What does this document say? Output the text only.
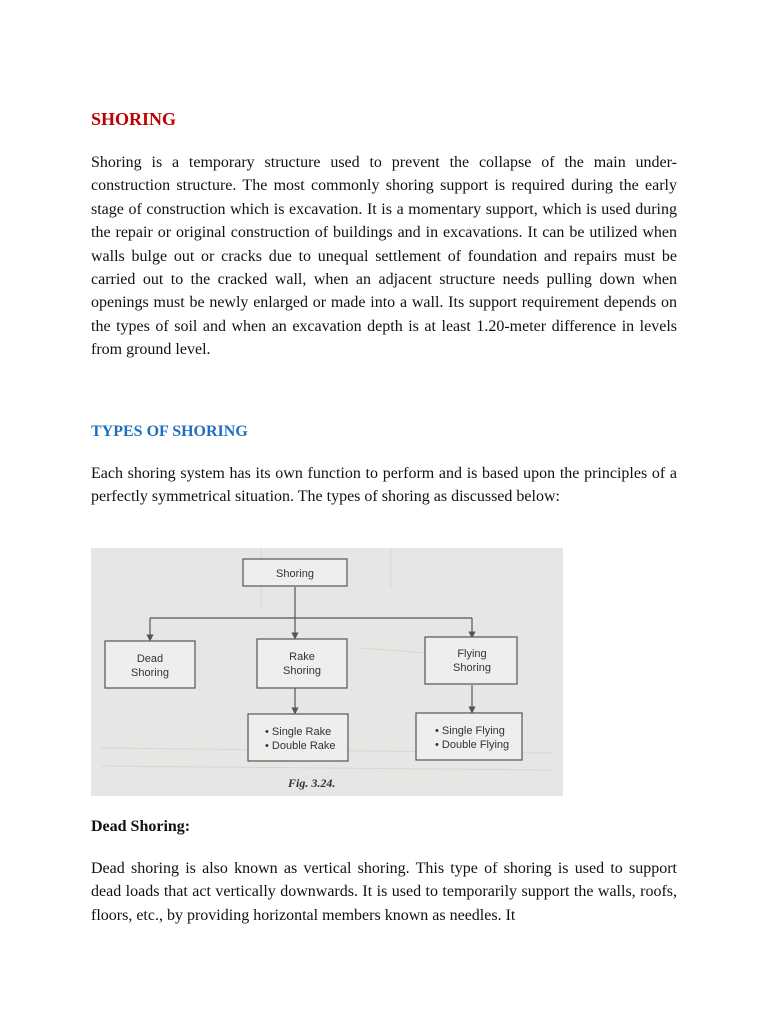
SHORING

Shoring is a temporary structure used to prevent the collapse of the main under-construction structure. The most commonly shoring support is required during the early stage of construction which is excavation. It is a momentary support, which is used during the repair or original construction of buildings and in excavations. It can be utilized when walls bulge out or cracks due to unequal settlement of foundation and repairs must be carried out to the cracked wall, when an adjacent structure needs pulling down when openings must be newly enlarged or made into a wall. Its support requirement depends on the types of soil and when an excavation depth is at least 1.20-meter difference in levels from ground level.

TYPES OF SHORING

Each shoring system has its own function to perform and is based upon the principles of a perfectly symmetrical situation. The types of shoring as discussed below:

Shoring
Dead
Shoring
Rake
Shoring
Flying
Shoring
• Single Rake
• Double Rake
• Single Flying
• Double Flying
Fig. 3.24.
Dead Shoring:

Dead shoring is also known as vertical shoring. This type of shoring is used to support dead loads that act vertically downwards. It is used to temporarily support the walls, roofs, floors, etc., by providing horizontal members known as needles. It
